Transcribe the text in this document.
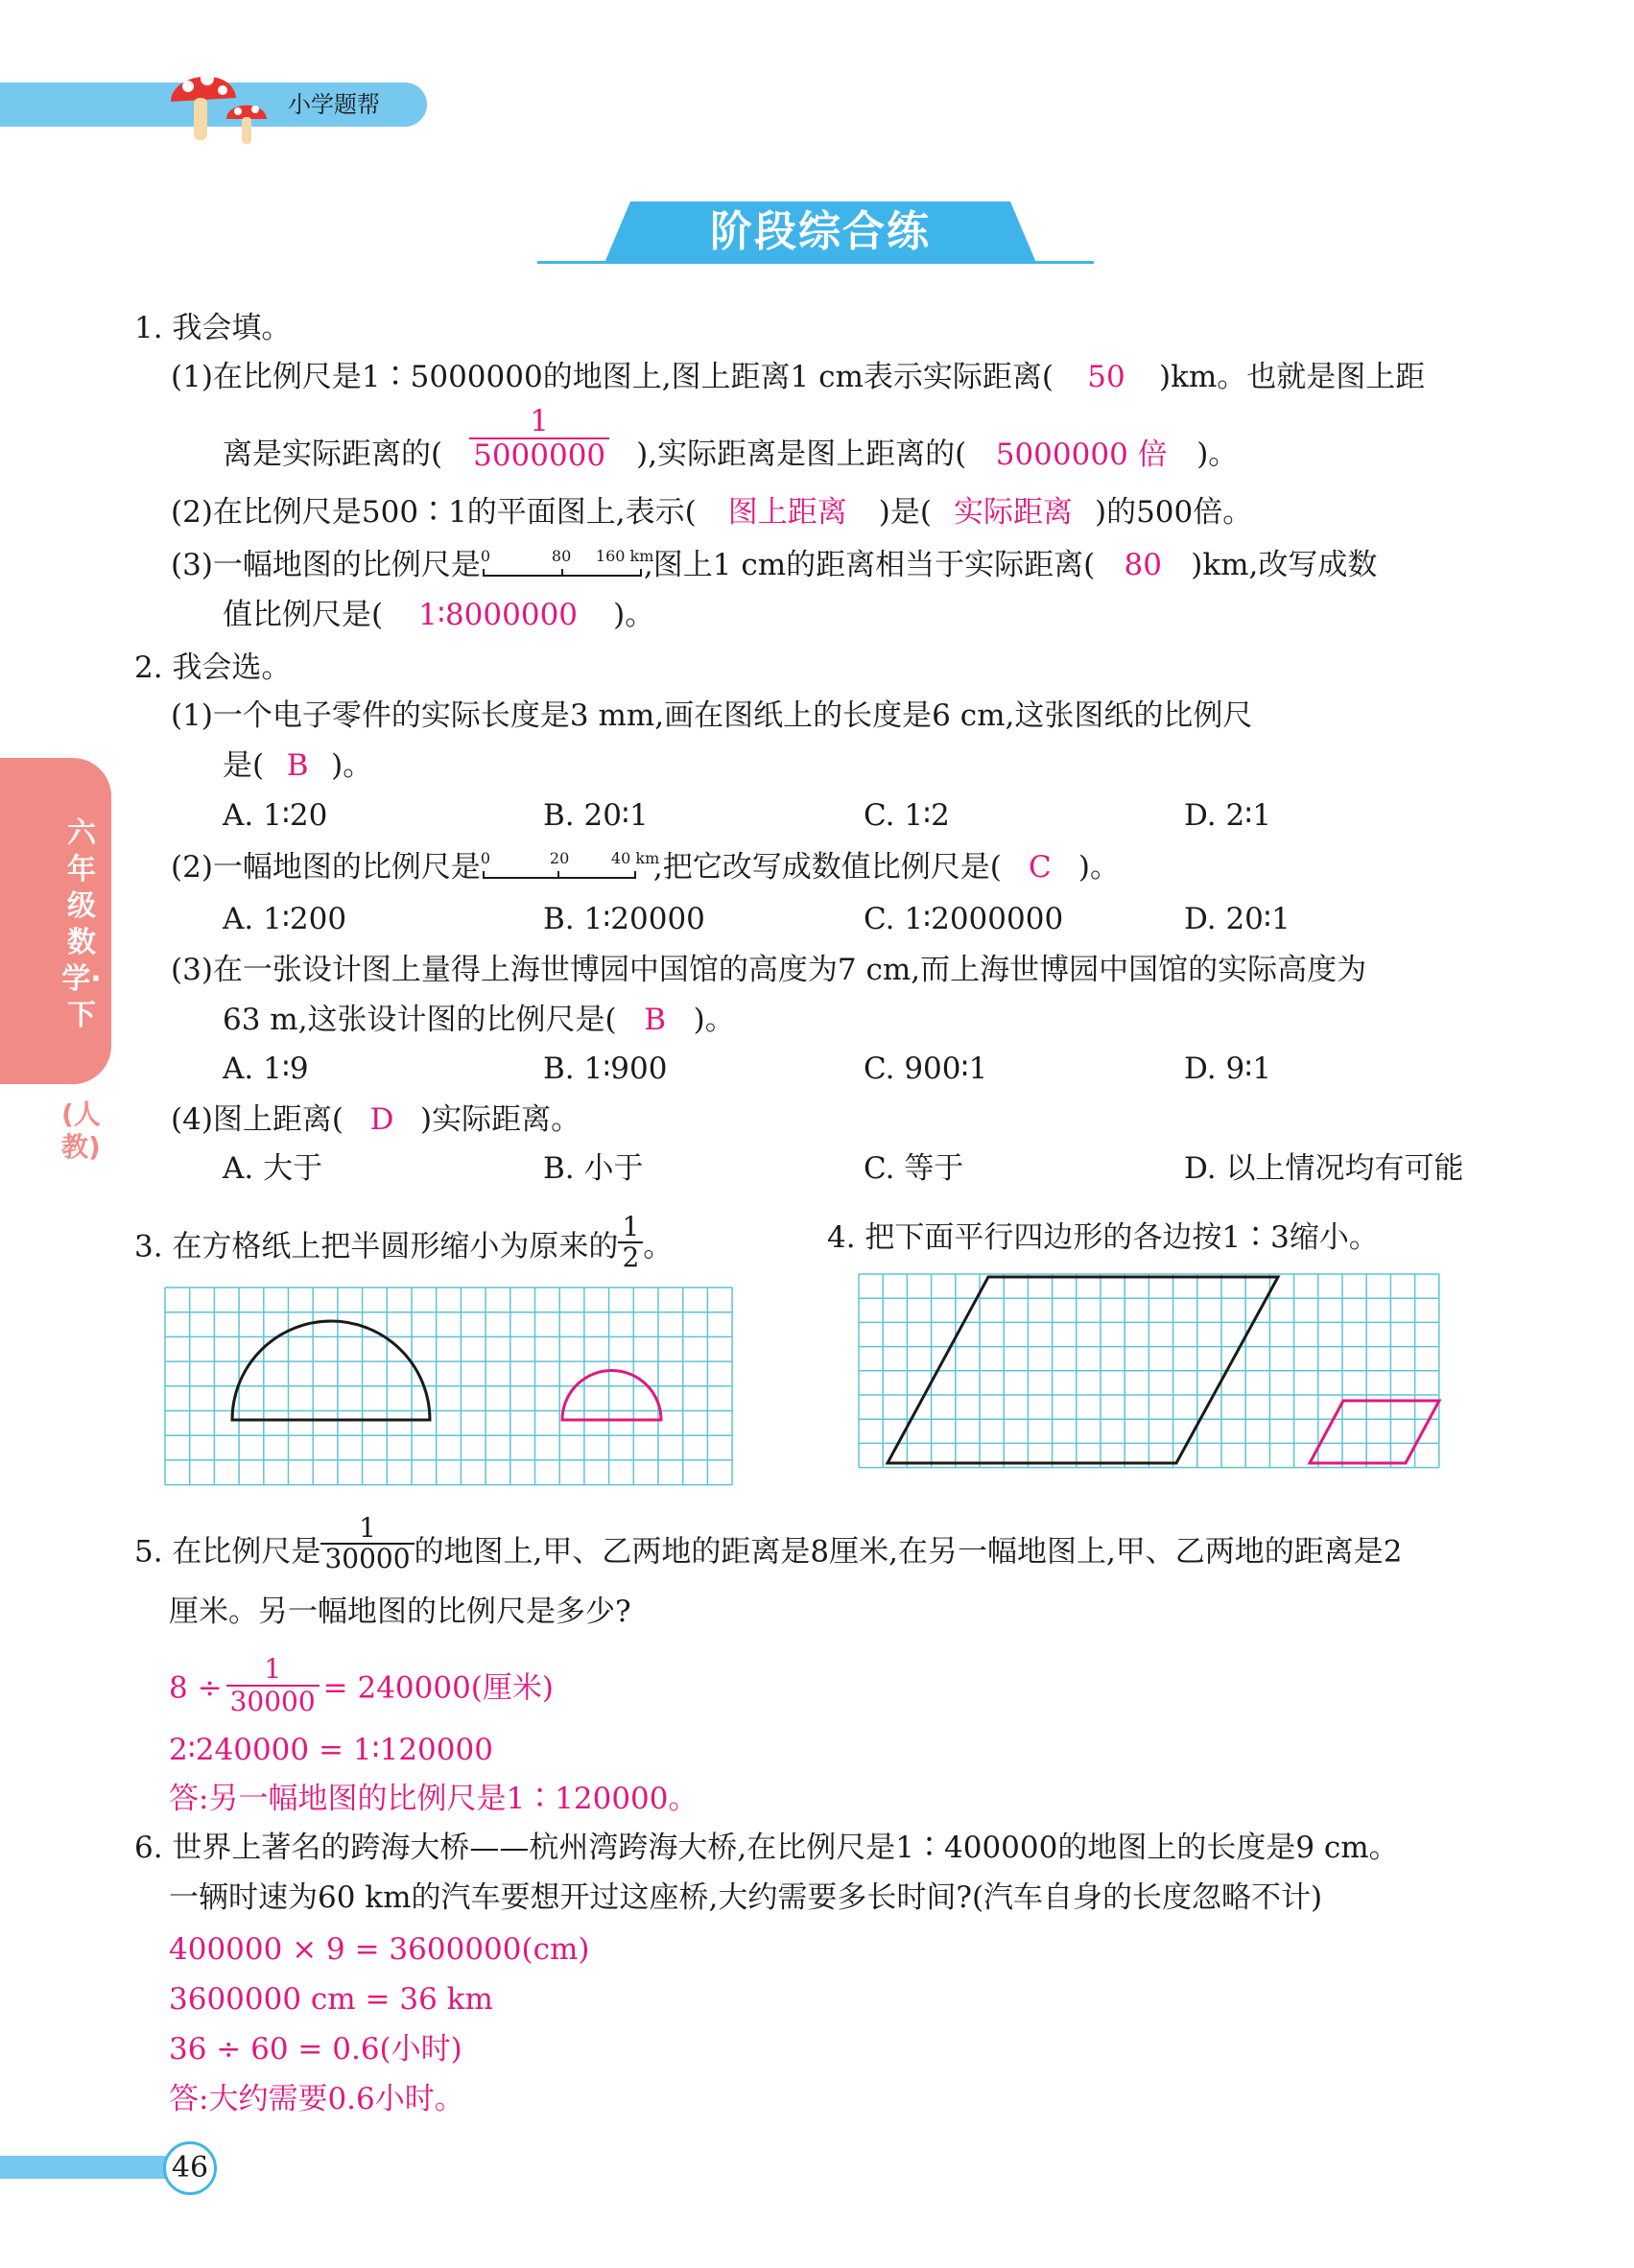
小学题帮
阶段综合练
六年级数学·下
(人教)
1. 我会填。
(1)在比例尺是1∶5000000的地图上,图上距离1 cm表示实际距离( 50 )km。也就是图上距
离是实际距离的( $\frac{1}{5000000}$ ),实际距离是图上距离的( 5000000 倍 )。
(2)在比例尺是500∶1的平面图上,表示( 图上距离 )是( 实际距离 )的500倍。
(3)一幅地图的比例尺是 0	80 160 km
,图上1 cm的距离相当于实际距离( 80 )km,改写成数
值比例尺是( 1∶8000000 )。
2. 我会选。
(1)一个电子零件的实际长度是3 mm,画在图纸上的长度是6 cm,这张图纸的比例尺
是( B )。
A. 1∶20	B. 20∶1	C. 1∶2	D. 2∶1
(2)一幅地图的比例尺是 0	20	40 km
,把它改写成数值比例尺是( C )。
A. 1∶200	B. 1∶20000	C. 1∶2000000	D. 20∶1
(3)在一张设计图上量得上海世博园中国馆的高度为7 cm,而上海世博园中国馆的实际高度为
63 m,这张设计图的比例尺是( B )。
A. 1∶9	B. 1∶900	C. 900∶1	D. 9∶1
(4)图上距离( D )实际距离。
A. 大于	B. 小于	C. 等于	D. 以上情况均有可能
3. 在方格纸上把半圆形缩小为原来的 $\frac{1}{2}$ 。	4. 把下面平行四边形的各边按1∶3缩小。
5. 在比例尺是 $\frac{1}{30000}$ 的地图上,甲、乙两地的距离是8厘米,在另一幅地图上,甲、乙两地的距离是2
厘米。另一幅地图的比例尺是多少?
$8 \div \frac{1}{30000} = 240000$(厘米)
2∶240000 = 1∶120000
答:另一幅地图的比例尺是1∶120000。
6. 世界上著名的跨海大桥——杭州湾跨海大桥,在比例尺是1∶400000的地图上的长度是9 cm。
一辆时速为60 km的汽车要想开过这座桥,大约需要多长时间?(汽车自身的长度忽略不计)
400000 × 9 = 3600000(cm)
3600000 cm = 36 km
36 ÷ 60 = 0.6(小时)
答:大约需要0.6小时。
46
